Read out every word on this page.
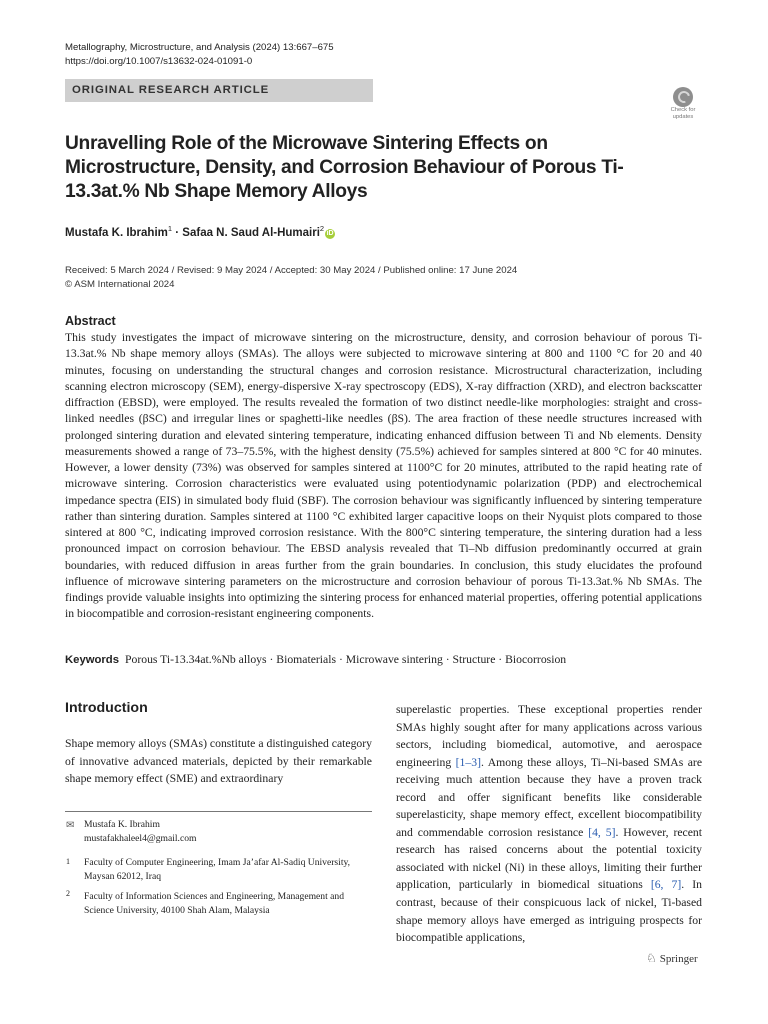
Metallography, Microstructure, and Analysis (2024) 13:667–675
https://doi.org/10.1007/s13632-024-01091-0
ORIGINAL RESEARCH ARTICLE
Check for
updates
Unravelling Role of the Microwave Sintering Effects on Microstructure, Density, and Corrosion Behaviour of Porous Ti-13.3at.% Nb Shape Memory Alloys
Mustafa K. Ibrahim$^1$ · Safaa N. Saud Al-Humairi$^2$iD
Received: 5 March 2024 / Revised: 9 May 2024 / Accepted: 30 May 2024 / Published online: 17 June 2024
© ASM International 2024
Abstract
This study investigates the impact of microwave sintering on the microstructure, density, and corrosion behaviour of porous Ti-13.3at.% Nb shape memory alloys (SMAs). The alloys were subjected to microwave sintering at 800 and 1100 °C for 20 and 40 minutes, focusing on understanding the structural changes and corrosion resistance. Microstructural characterization, including scanning electron microscopy (SEM), energy-dispersive X-ray spectroscopy (EDS), X-ray diffraction (XRD), and electron backscatter diffraction (EBSD), were employed. The results revealed the formation of two distinct needle-like morphologies: straight and cross-linked needles (βSC) and irregular lines or spaghetti-like needles (βS). The area fraction of these needle structures increased with prolonged sintering duration and elevated sintering temperature, indicating enhanced diffusion between Ti and Nb elements. Density measurements showed a range of 73–75.5%, with the highest density (75.5%) achieved for samples sintered at 800 °C for 40 minutes. However, a lower density (73%) was observed for samples sintered at 1100°C for 20 minutes, attributed to the rapid heating rate of microwave sintering. Corrosion characteristics were evaluated using potentiodynamic polarization (PDP) and electrochemical impedance spectra (EIS) in simulated body fluid (SBF). The corrosion behaviour was significantly influenced by sintering temperature rather than sintering duration. Samples sintered at 1100 °C exhibited larger capacitive loops on their Nyquist plots compared to those sintered at 800 °C, indicating improved corrosion resistance. With the 800°C sintering temperature, the sintering duration had a less pronounced impact on corrosion behaviour. The EBSD analysis revealed that Ti–Nb diffusion predominantly occurred at grain boundaries, with reduced diffusion in areas further from the grain boundaries. In conclusion, this study elucidates the profound influence of microwave sintering parameters on the microstructure and corrosion behaviour of porous Ti-13.3at.% Nb SMAs. The findings provide valuable insights into optimizing the sintering process for enhanced material properties, offering potential applications in biocompatible and corrosion-resistant engineering components.
Keywords Porous Ti-13.34at.%Nb alloys · Biomaterials · Microwave sintering · Structure · Biocorrosion
Introduction
Shape memory alloys (SMAs) constitute a distinguished category of innovative advanced materials, depicted by their remarkable shape memory effect (SME) and extraordinary
superelastic properties. These exceptional properties render SMAs highly sought after for many applications across various sectors, including biomedical, automotive, and aerospace engineering [1–3]. Among these alloys, Ti–Ni-based SMAs are receiving much attention because they have a proven track record and offer significant benefits like considerable superelasticity, shape memory effect, excellent biocompatibility and commendable corrosion resistance [4, 5]. However, recent research has raised concerns about the potential toxicity associated with nickel (Ni) in these alloys, limiting their further application, particularly in biomedical situations [6, 7]. In contrast, because of their conspicuous lack of nickel, Ti-based shape memory alloys have emerged as intriguing prospects for biocompatible applications,
✉ Mustafa K. Ibrahim
mustafakhaleel4@gmail.com
1 Faculty of Computer Engineering, Imam Ja’afar Al-Sadiq University, Maysan 62012, Iraq
2 Faculty of Information Sciences and Engineering, Management and Science University, 40100 Shah Alam, Malaysia
♘ Springer
